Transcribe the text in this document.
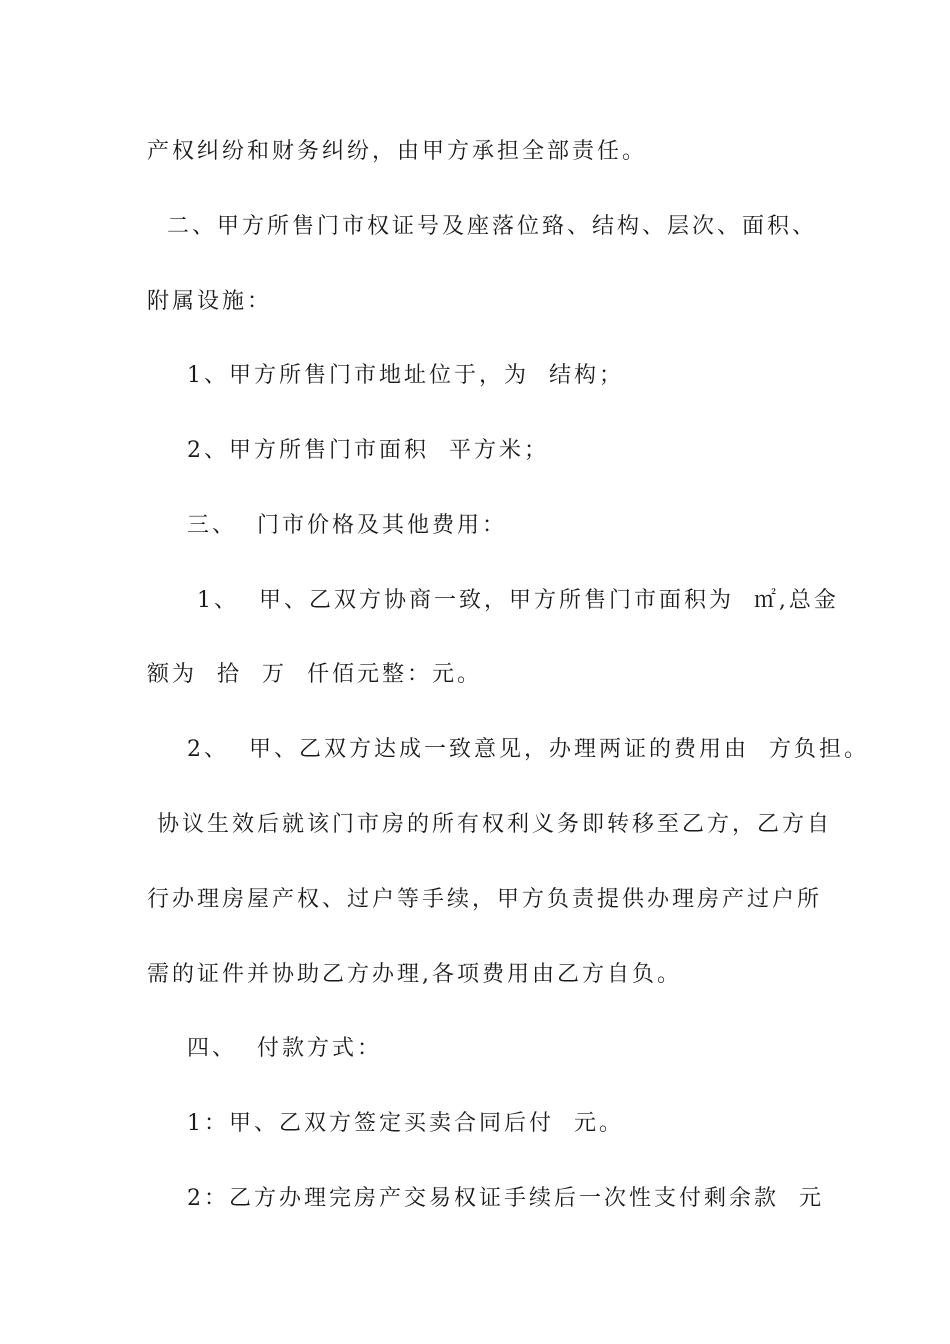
产权纠纷和财务纠纷，由甲方承担全部责任。
二、甲方所售门市权证号及座落位臵、结构、层次、面积、
附属设施：
1、甲方所售门市地址位于，为  结构；
2、甲方所售门市面积  平方米；
三、  门市价格及其他费用：
1、  甲、乙双方协商一致，甲方所售门市面积为  ㎡,总金
额为  拾  万  仟佰元整：元。
2、  甲、乙双方达成一致意见，办理两证的费用由  方负担。
协议生效后就该门市房的所有权利义务即转移至乙方，乙方自
行办理房屋产权、过户等手续，甲方负责提供办理房产过户所
需的证件并协助乙方办理,各项费用由乙方自负。
四、  付款方式：
1：甲、乙双方签定买卖合同后付  元。
2：乙方办理完房产交易权证手续后一次性支付剩余款  元
